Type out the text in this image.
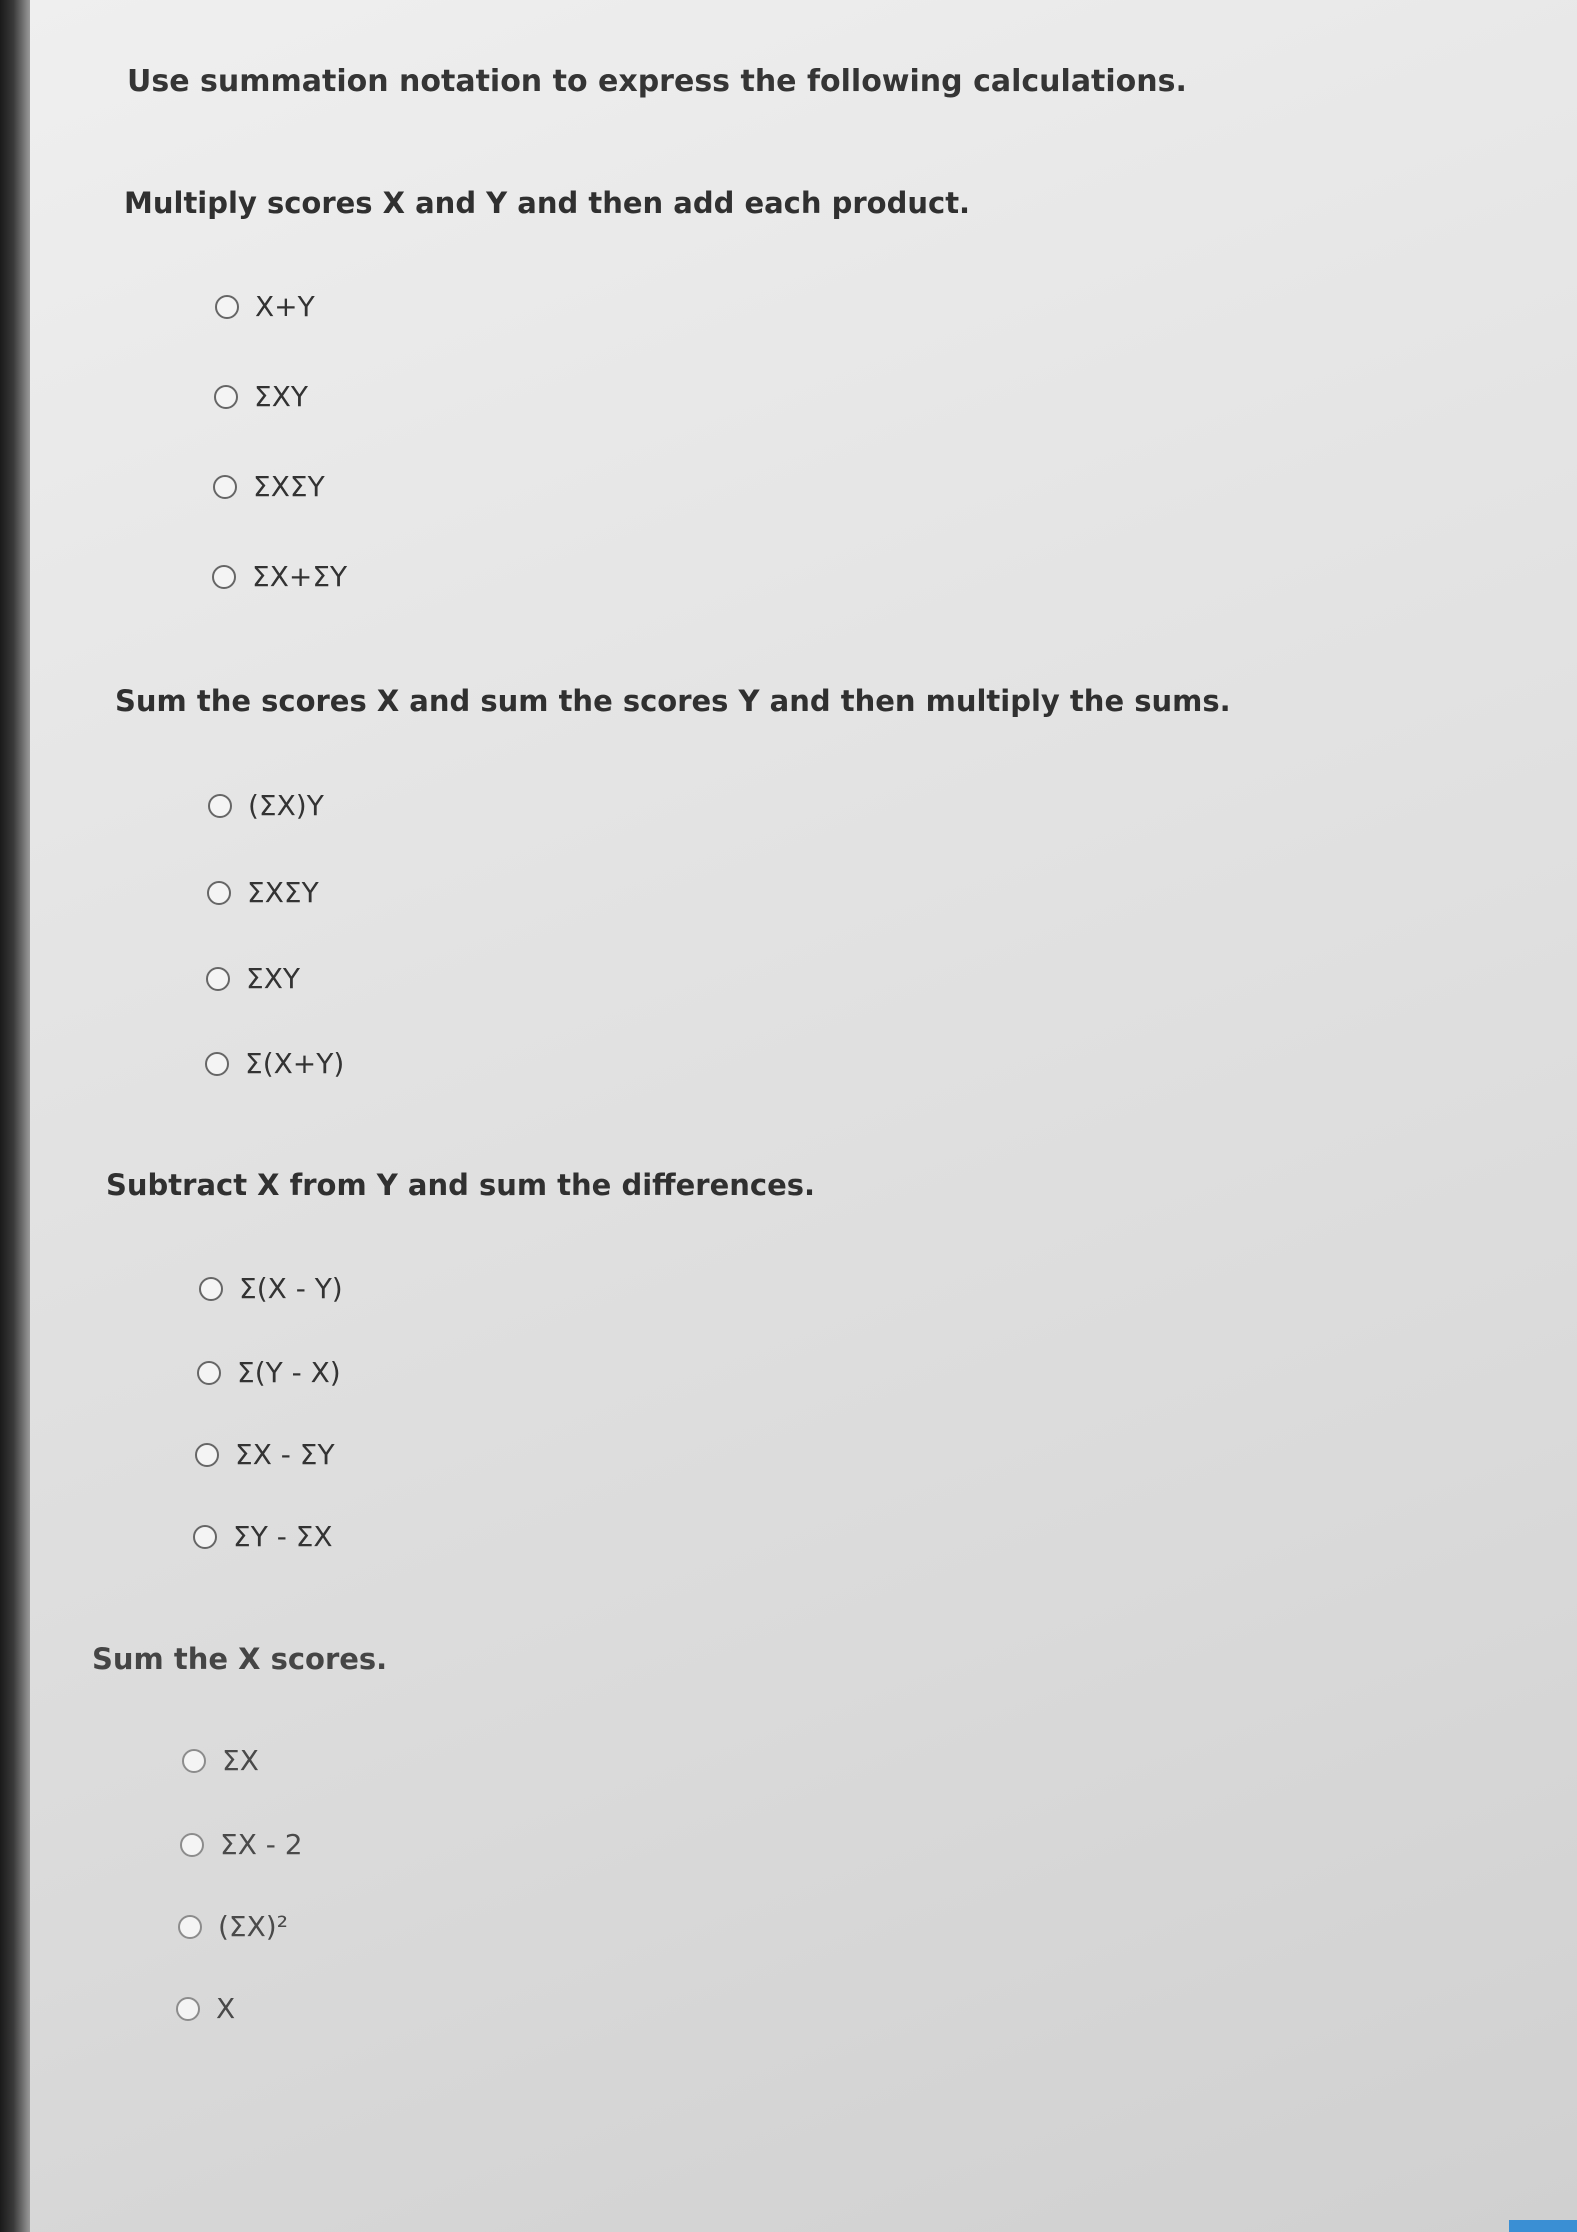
Use summation notation to express the following calculations.
Multiply scores X and Y and then add each product.
X+Y
ΣXY
ΣXΣY
ΣX+ΣY
Sum the scores X and sum the scores Y and then multiply the sums.
(ΣX)Y
ΣXΣY
ΣXY
Σ(X+Y)
Subtract X from Y and sum the differences.
Σ(X - Y)
Σ(Y - X)
ΣX - ΣY
ΣY - ΣX
Sum the X scores.
ΣX
ΣX - 2
(ΣX)²
X
